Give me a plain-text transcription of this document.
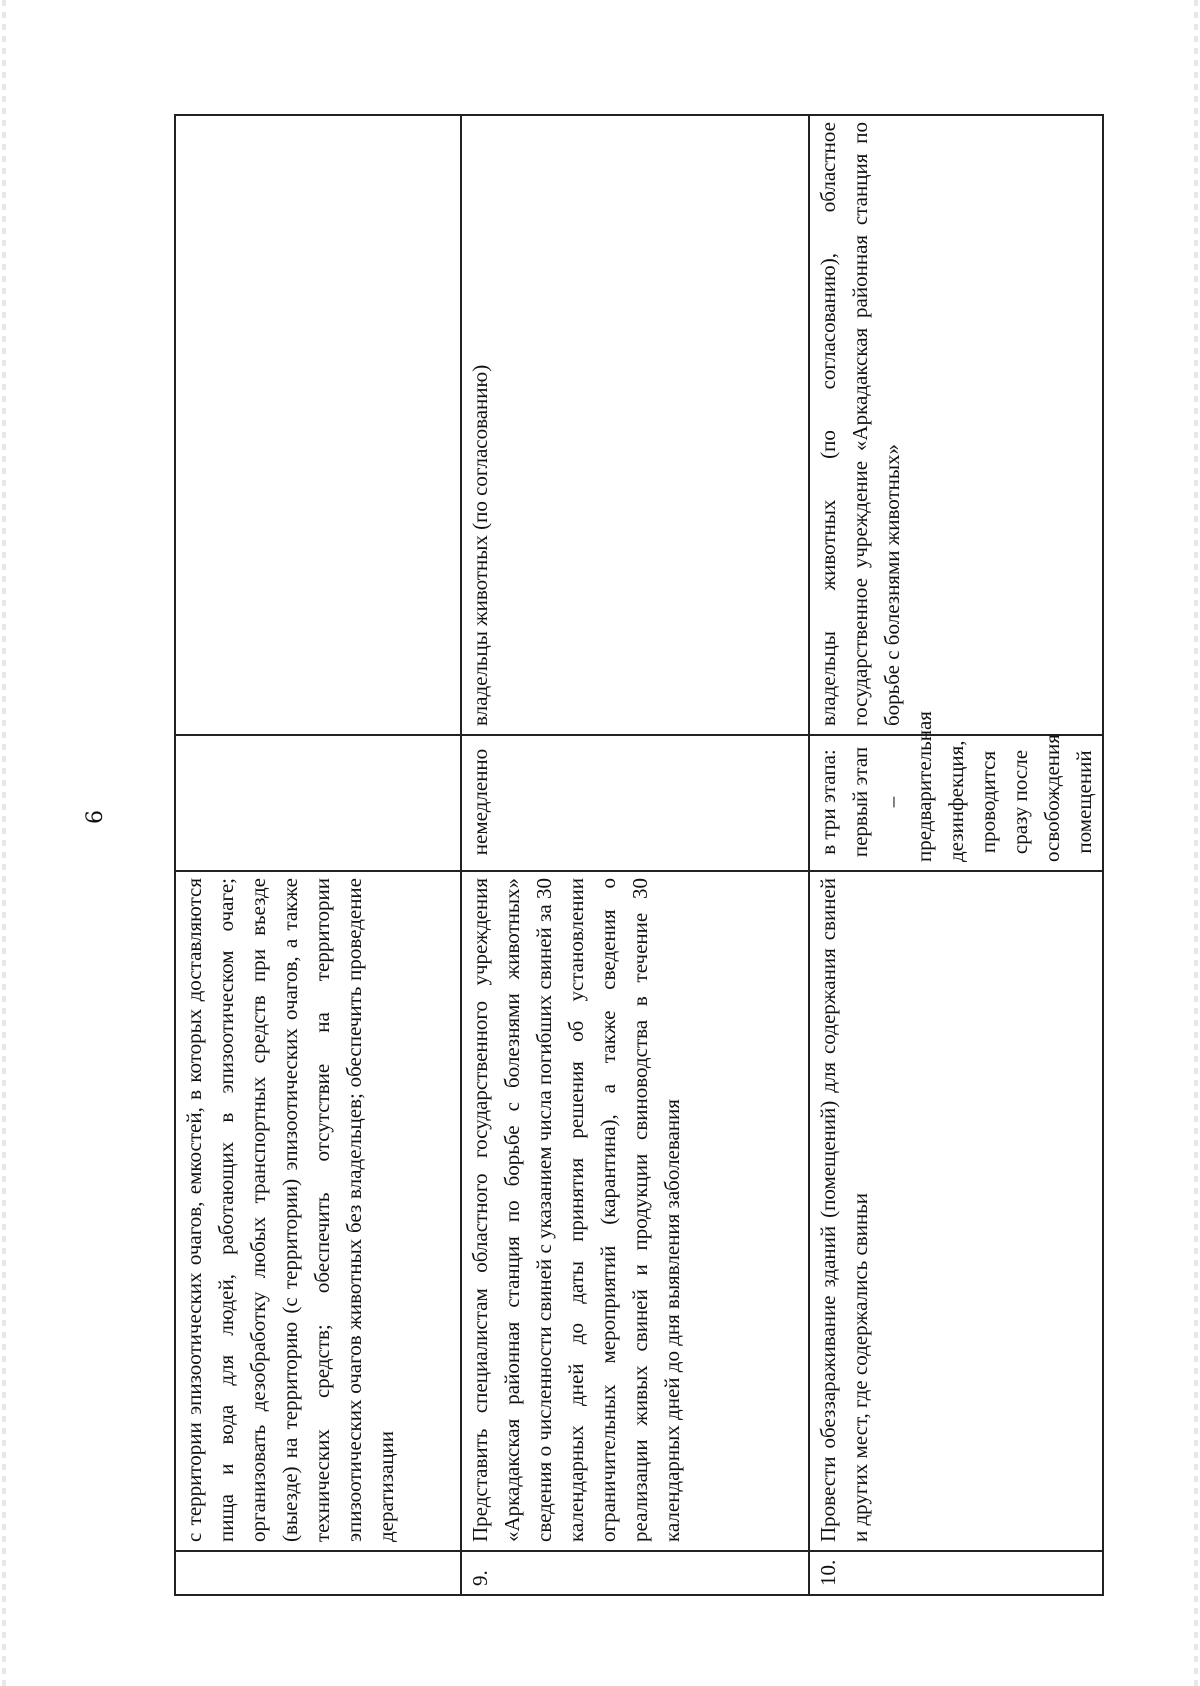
6
	с территории эпизоотических очагов, емкостей, в которых доставляются пища и вода для людей, работающих в эпизоотическом очаге; организовать дезобработку любых транспортных средств при въезде (выезде) на территорию (с территории) эпизоотических очагов, а также технических средств; обеспечить отсутствие на территории эпизоотических очагов животных без владельцев; обеспечить проведение дератизации		
9.	Представить специалистам областного государственного учреждения «Аркадакская районная станция по борьбе с болезнями животных» сведения о численности свиней с указанием числа погибших свиней за 30 календарных дней до даты принятия решения об установлении ограничительных мероприятий (карантина), а также сведения о реализации живых свиней и продукции свиноводства в течение 30 календарных дней до дня выявления заболевания	немедленно	владельцы животных (по согласованию)
10.	Провести обеззараживание зданий (помещений) для содержания свиней и других мест, где содержались свиньи	в три этапа: первый этап – предварительная дезинфекция, проводится сразу после освобождения помещений	владельцы животных (по согласованию), областное государственное учреждение «Аркадакская районная станция по борьбе с болезнями животных»
